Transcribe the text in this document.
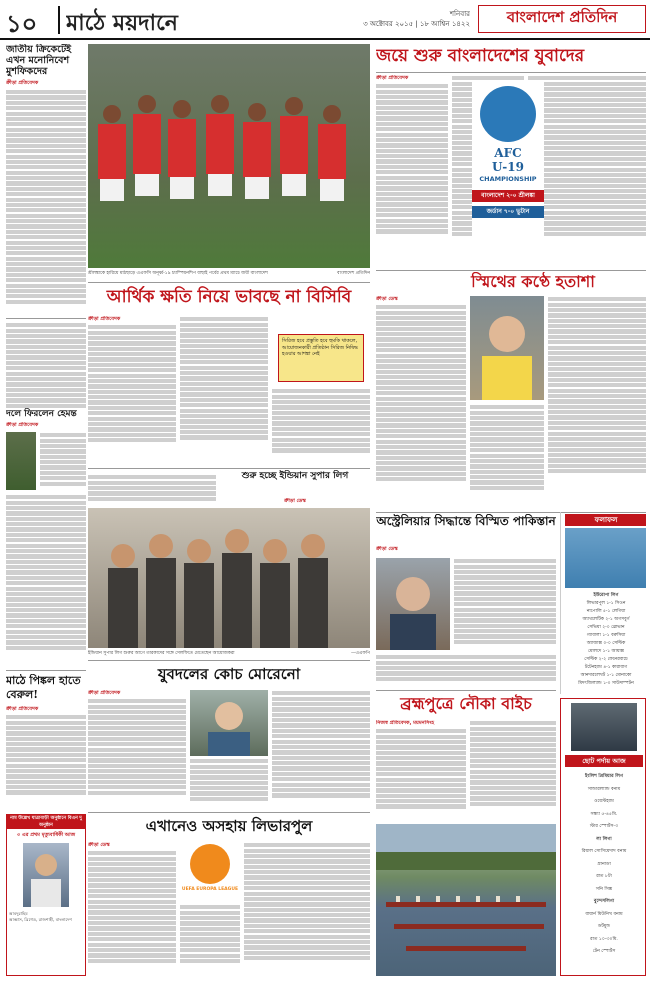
১০	মাঠে ময়দানে	শনিবার
৩ অক্টোবর ২০১৫ | ১৮ আশ্বিন ১৪২২	বাংলাদেশ প্রতিদিন
জাতীয় ক্রিকেটেই এখন মনোনিবেশ মুশফিকদের
ক্রীড়া প্রতিবেদক
শ্রীলঙ্কাকে হারিয়ে মাঠছাড়ে এএফসি অনূর্ধ্ব-১৯ চ্যাম্পিয়নশিপ বাছাই পর্বের প্রথম ম্যাচে জয়ী বাংলাদেশ	বাংলাদেশ প্রতিদিন
জয়ে শুরু বাংলাদেশের যুবাদের
ক্রীড়া প্রতিবেদক
AFC
U-19
CHAMPIONSHIP
বাংলাদেশ ২-০ শ্রীলঙ্কা
জর্ডান ৭-০ ভুটান
আর্থিক ক্ষতি নিয়ে ভাবছে না বিসিবি
ক্রীড়া প্রতিবেদক
সিরিজ হবে প্রস্তুতি হবে হুমকি থাকলে, আয়োজনকারী প্রতিষ্ঠান সিরিজ নিষিদ্ধ হওয়ার আশঙ্কা নেই
স্মিথের কণ্ঠে হতাশা
ক্রীড়া ডেস্ক
দলে ফিরলেন হেমন্ত
ক্রীড়া প্রতিবেদক
শুরু হচ্ছে ইন্ডিয়ান সুপার লিগ
ক্রীড়া ডেস্ক
ইন্ডিয়ান সুপার লিগ শুরুর আগে তারকাদের সঙ্গে সেলফিতে মেতেছেন আয়োজকরা	—এএফপি
অস্ট্রেলিয়ার সিদ্ধান্তে বিস্মিত পাকিস্তান
ক্রীড়া ডেস্ক
ফলাফল
ইউরোপা লিগ
লিভারপুল ১-১ সিওন
নাপোলি ৫-১ লেগিয়া
অ্যাথলেটিক ২-১ অগসবুর্গ
সেভিয়া ২-০ স্লোভান
গ্যাবালা ১-১ বরুসিয়া
অ্যাজাক্স ০-০ সেল্টিক
মোলদে ১-১ আয়াক্স
সেল্টিক ২-২ ফেনেরবাচে
টটেনহ্যাম ৪-১ কারাবাগ
আনদারলেখট ১-১ মোনাকো
মিদৎজিল্যান্ড ১-০ সাউদাম্পটন
যুবদলের কোচ মোরেনো
ক্রীড়া প্রতিবেদক
মাঠে পিঙ্কল হাতে বেরুল!
ক্রীড়া প্রতিবেদক	ব্রহ্মপুত্রে নৌকা বাইচ
নিজস্ব প্রতিবেদক, ময়মনসিংহ
ছোট পর্দায় আজ
ইংলিশ প্রিমিয়ার লিগ
সান্ডারল্যান্ড বনাম
ওয়েস্টহ্যাম
সন্ধ্যা ৫-৪৫মি.
স্টার স্পোর্টস-৩
লা লিগা
রিয়াল সোসিয়েদাদ বনাম
গ্রানাডা
রাত ৮টা
সনি সিক্স
বুন্দেসলিগা
বায়ার্ন মিউনিখ বনাম
ডর্টমুন্ড
রাত ১০-৩০মি.
টেন স্পোর্টস
এখানেও অসহায় লিভারপুল
ক্রীড়া ডেস্ক
UEFA EUROPA LEAGUE
নাম উল্লেখ যাত্রাবাড়ী অনুষ্ঠানে বিএন দু অনুষ্ঠান
৩ এর প্রথম মৃত্যুবার্ষিকী আজ
আবদুরাহিম
আব্বাস, ব্রিগেড, রাজশাহী, বাংলাদেশ
